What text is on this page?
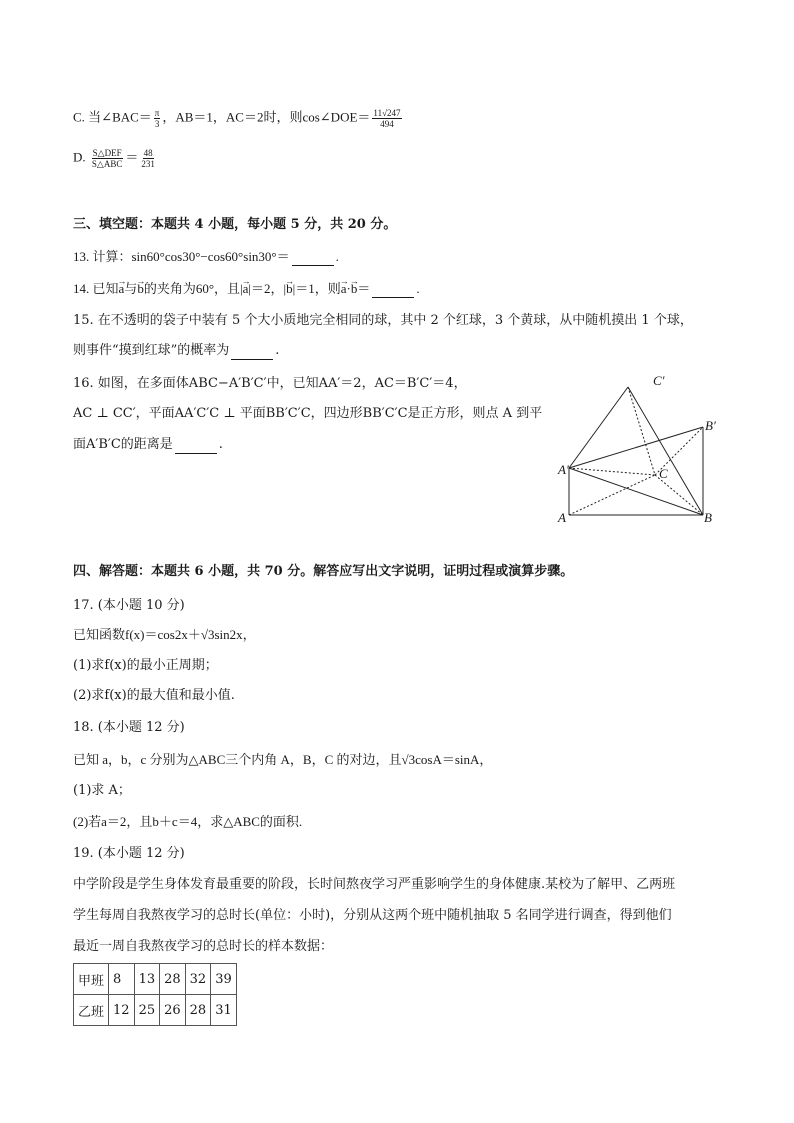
C. 当∠BAC＝ $\frac{\pi}{3}$ ，AB＝1，AC＝2时，则cos∠DOE＝ $\frac{11√247}{494}$
D. $\frac{\text{S△DEF}}{\text{S△ABC}} = \frac{48}{231}$
三、填空题：本题共 4 小题，每小题 5 分，共 20 分。
13. 计算：sin60°cos30°−cos60°sin30°＝	.
14. 已知→ a与→ b的夹角为60°，且|→ a|＝2，|→ b|＝1，则→ a·→ b＝	.
15. 在不透明的袋子中装有 5 个大小质地完全相同的球，其中 2 个红球，3 个黄球，从中随机摸出 1 个球，
则事件“摸到红球”的概率为	.
16. 如图，在多面体ABC−A′B′C′中，已知AA′＝2，AC＝B′C′＝4，
AC ⊥ CC′，平面AA′C′C ⊥ 平面BB′C′C，四边形BB′C′C是正方形，则点 A 到平
面A′B′C的距离是	.
C′
B′
A′	C
A	B
四、解答题：本题共 6 小题，共 70 分。解答应写出文字说明，证明过程或演算步骤。
17. (本小题 10 分)
已知函数f(x)＝cos2x＋√3sin2x，
(1)求f(x)的最小正周期；
(2)求f(x)的最大值和最小值.
18. (本小题 12 分)
已知 a，b，c 分别为△ABC三个内角 A，B，C 的对边，且√3cosA＝sinA，
(1)求 A；
(2)若a＝2，且b＋c＝4，求△ABC的面积.
19. (本小题 12 分)
中学阶段是学生身体发育最重要的阶段，长时间熬夜学习严重影响学生的身体健康.某校为了解甲、乙两班
学生每周自我熬夜学习的总时长(单位：小时)，分别从这两个班中随机抽取 5 名同学进行调查，得到他们
最近一周自我熬夜学习的总时长的样本数据：
甲班	8	13	28	32	39
乙班	12	25	26	28	31
